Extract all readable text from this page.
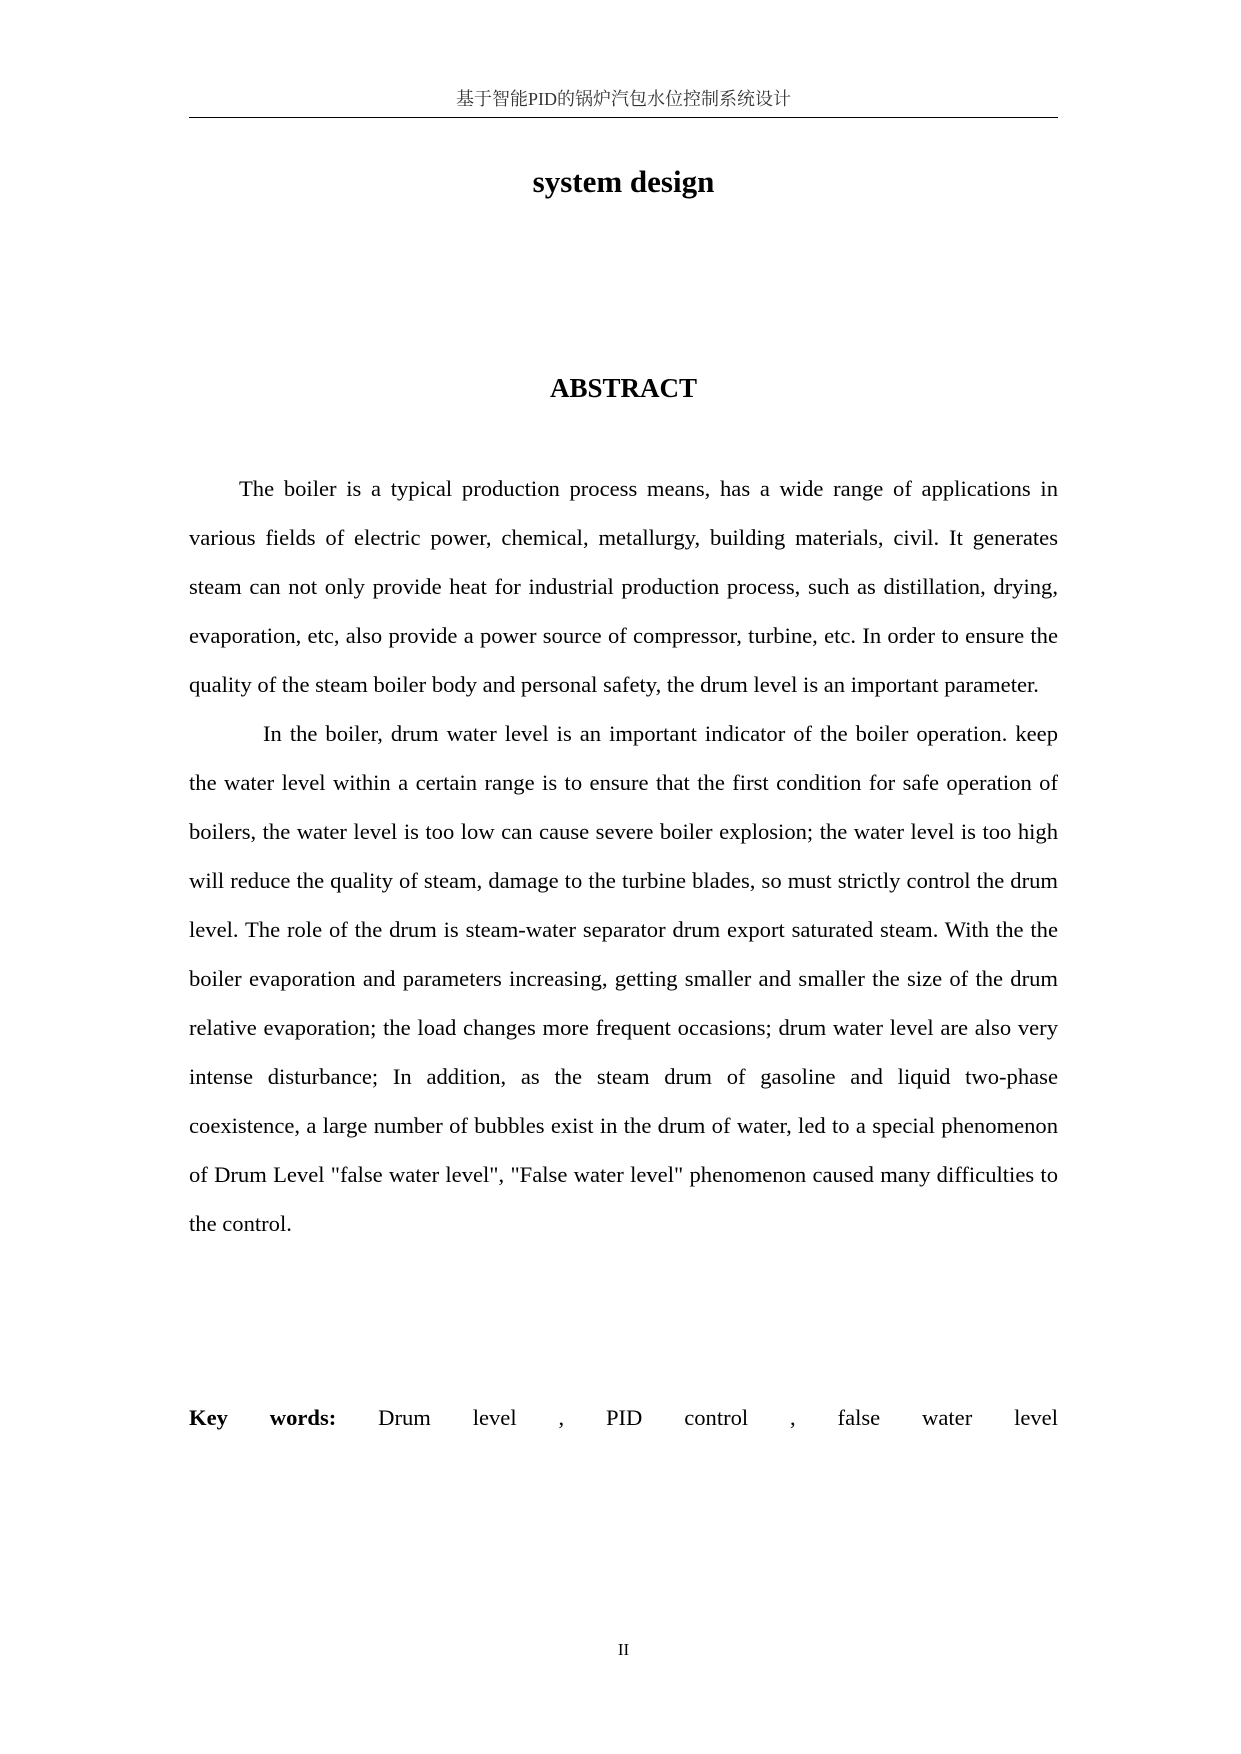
基于智能PID的锅炉汽包水位控制系统设计
system design
ABSTRACT

The boiler is a typical production process means, has a wide range of applications in various fields of electric power, chemical, metallurgy, building materials, civil. It generates steam can not only provide heat for industrial production process, such as distillation, drying, evaporation, etc, also provide a power source of compressor, turbine, etc. In order to ensure the quality of the steam boiler body and personal safety, the drum level is an important parameter.

In the boiler, drum water level is an important indicator of the boiler operation. keep the water level within a certain range is to ensure that the first condition for safe operation of boilers, the water level is too low can cause severe boiler explosion; the water level is too high will reduce the quality of steam, damage to the turbine blades, so must strictly control the drum level. The role of the drum is steam-water separator drum export saturated steam. With the the boiler evaporation and parameters increasing, getting smaller and smaller the size of the drum relative evaporation; the load changes more frequent occasions; drum water level are also very intense disturbance; In addition, as the steam drum of gasoline and liquid two-phase coexistence, a large number of bubbles exist in the drum of water, led to a special phenomenon of Drum Level "false water level", "False water level" phenomenon caused many difficulties to the control.

Key words: Drum level , PID control , false water level
II
